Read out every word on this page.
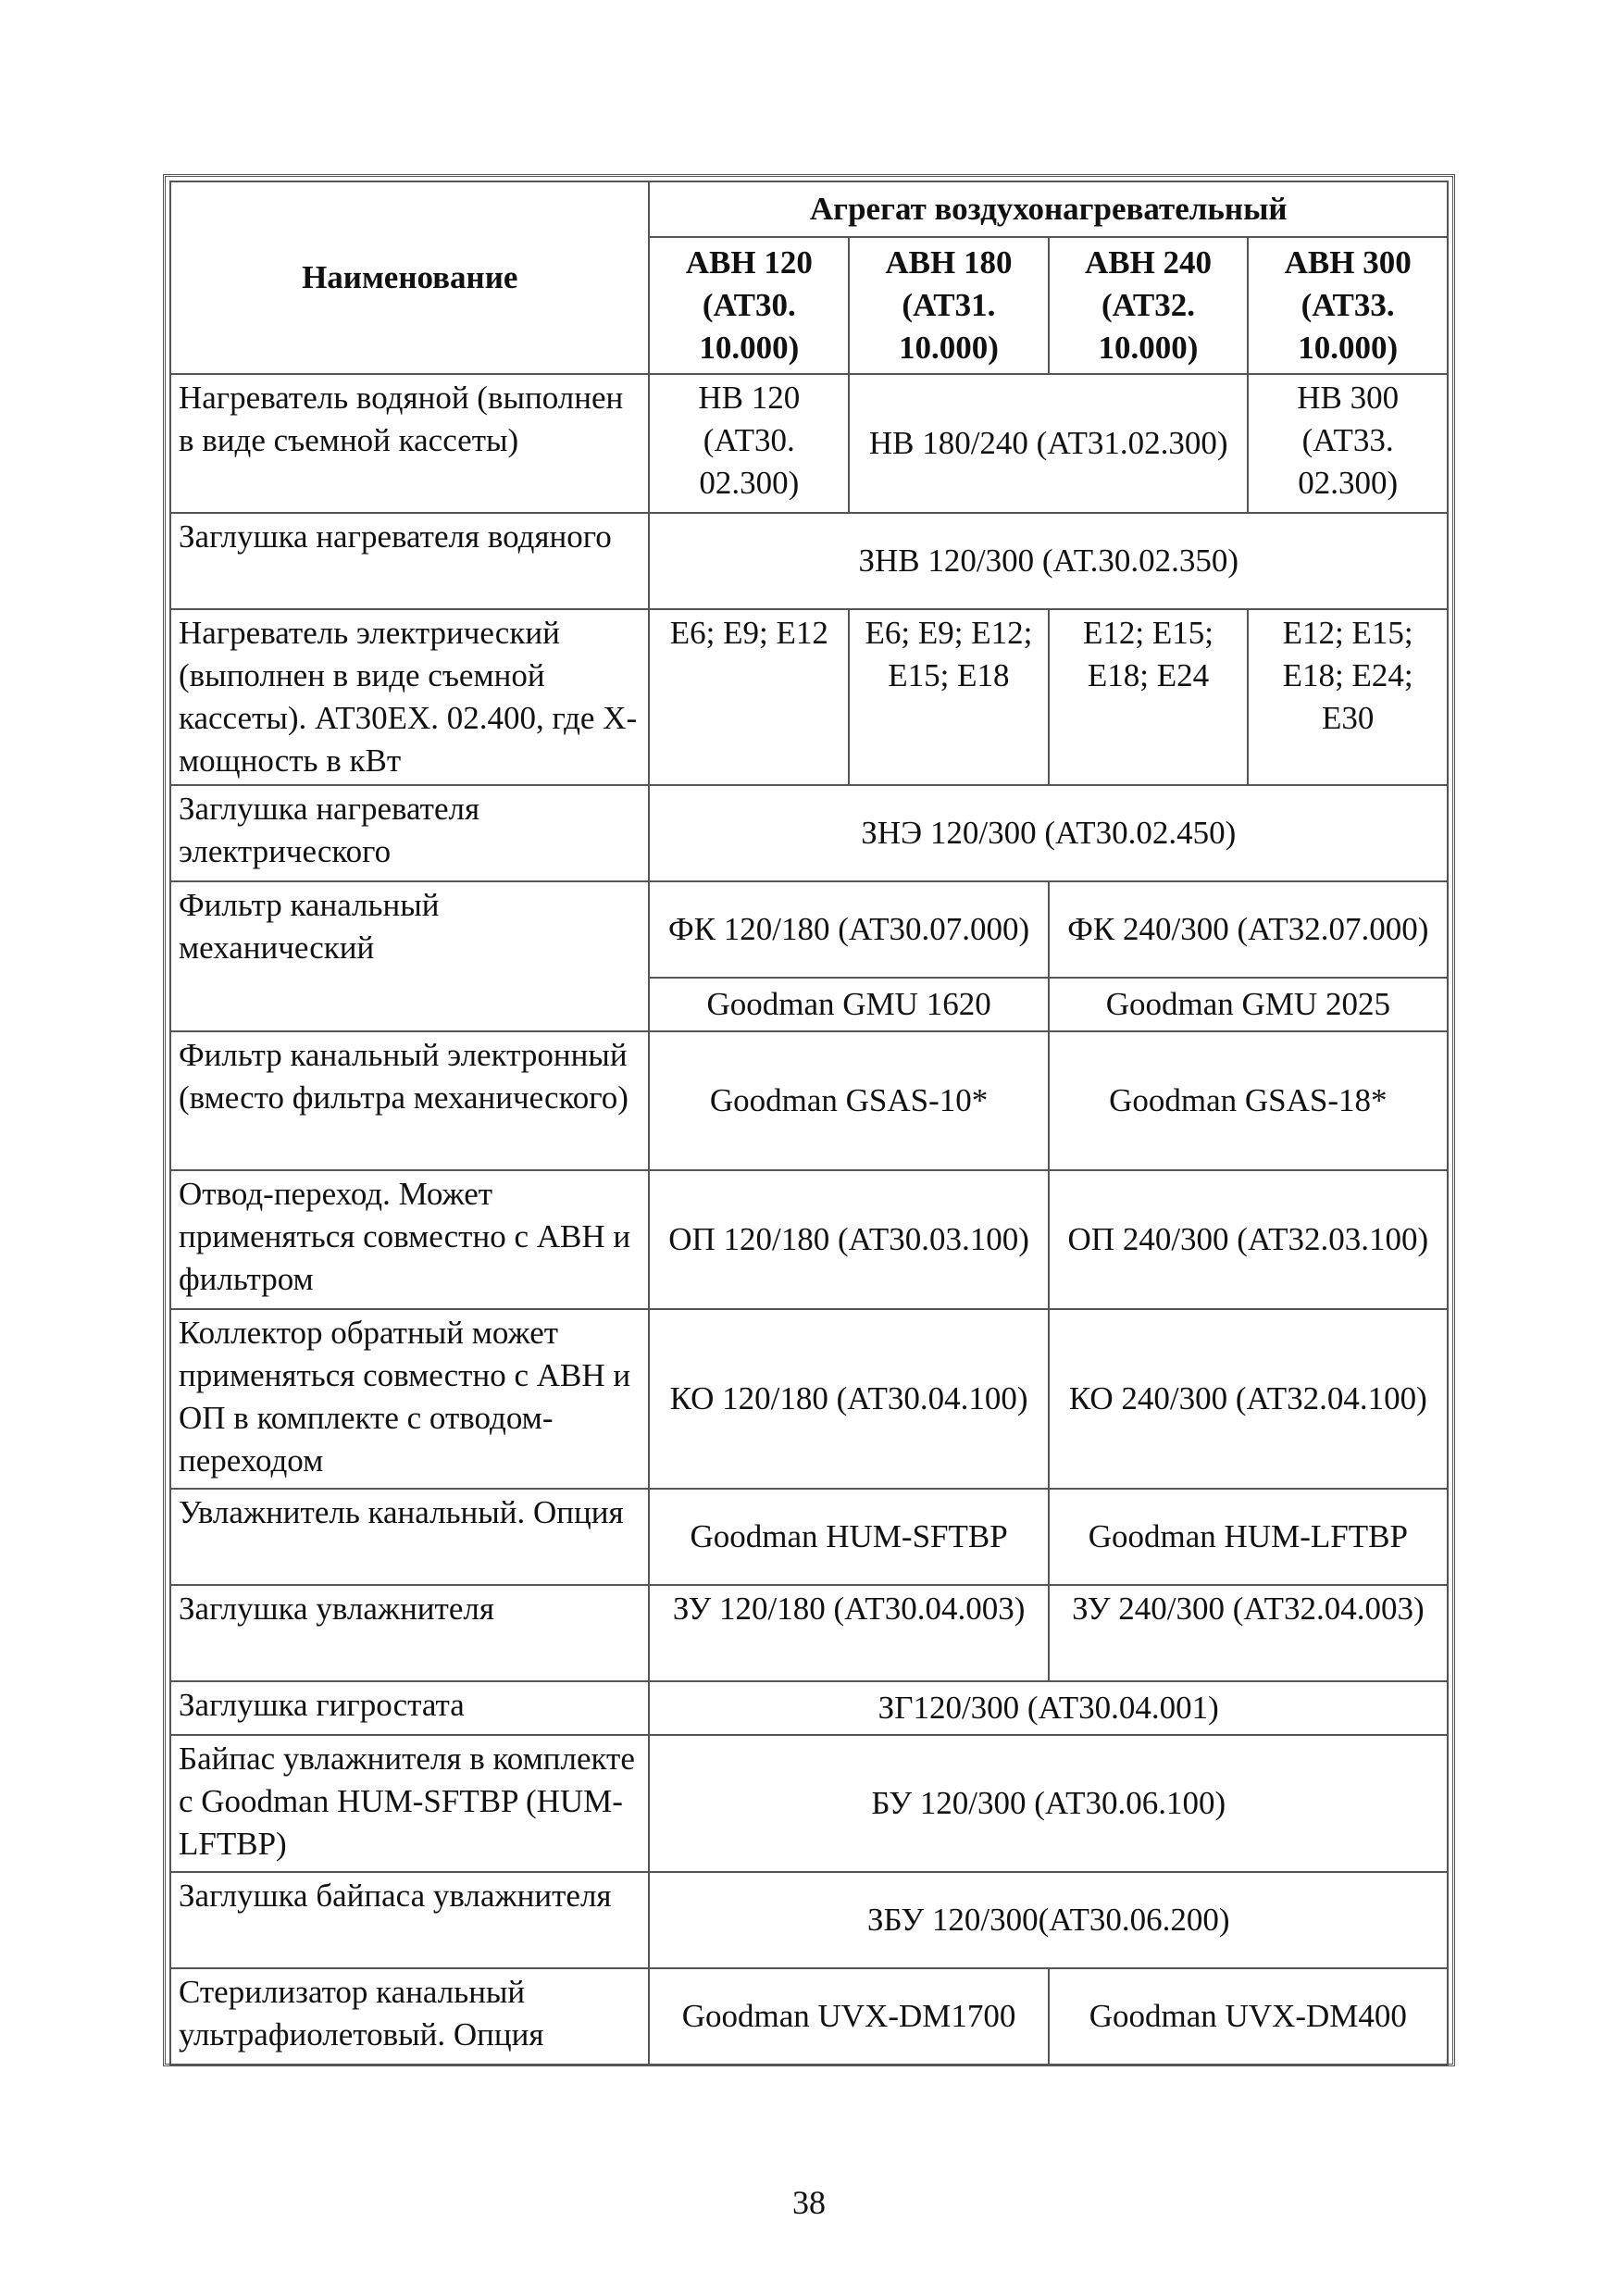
Наименование	Агрегат воздухонагревательный			
	АВН 120 (АТ30. 10.000)	АВН 180 (АТ31. 10.000)	АВН 240 (АТ32. 10.000)	АВН 300 (АТ33. 10.000)
Нагреватель водяной (выполнен в виде съемной кассеты)	НВ 120 (АТ30. 02.300)	НВ 180/240 (АТ31.02.300)		НВ 300 (АТ33. 02.300)
Заглушка нагревателя водяного	ЗНВ 120/300 (АТ.30.02.350)			
Нагреватель электрический (выполнен в виде съемной кассеты). АТ30EX. 02.400, где X- мощность в кВт	Е6; Е9; Е12	Е6; Е9; Е12; Е15; Е18	Е12; Е15; Е18; Е24	Е12; Е15; Е18; Е24; Е30
Заглушка нагревателя электрического	ЗНЭ 120/300 (АТ30.02.450)			
Фильтр канальный механический	ФК 120/180 (АТ30.07.000)		ФК 240/300 (АТ32.07.000)	
	Goodman GMU 1620		Goodman GMU 2025	
Фильтр канальный электронный (вместо фильтра механического)	Goodman GSAS-10*		Goodman GSAS-18*	
Отвод-переход. Может применяться совместно с АВН и фильтром	ОП 120/180 (АТ30.03.100)		ОП 240/300 (АТ32.03.100)	
Коллектор обратный может применяться совместно с АВН и ОП в комплекте с отводом-переходом	КО 120/180 (АТ30.04.100)		КО 240/300 (АТ32.04.100)	
Увлажнитель канальный. Опция	Goodman HUM-SFTBP		Goodman HUM-LFTBP	
Заглушка увлажнителя	ЗУ 120/180 (АТ30.04.003)		ЗУ 240/300 (АТ32.04.003)	
Заглушка гигростата	ЗГ120/300 (АТ30.04.001)			
Байпас увлажнителя в комплекте с Goodman HUM-SFTBP (HUM-LFTBP)	БУ 120/300 (АТ30.06.100)			
Заглушка байпаса увлажнителя	ЗБУ 120/300(АТ30.06.200)			
Стерилизатор канальный ультрафиолетовый. Опция	Goodman UVX-DM1700		Goodman UVX-DM400	
38
